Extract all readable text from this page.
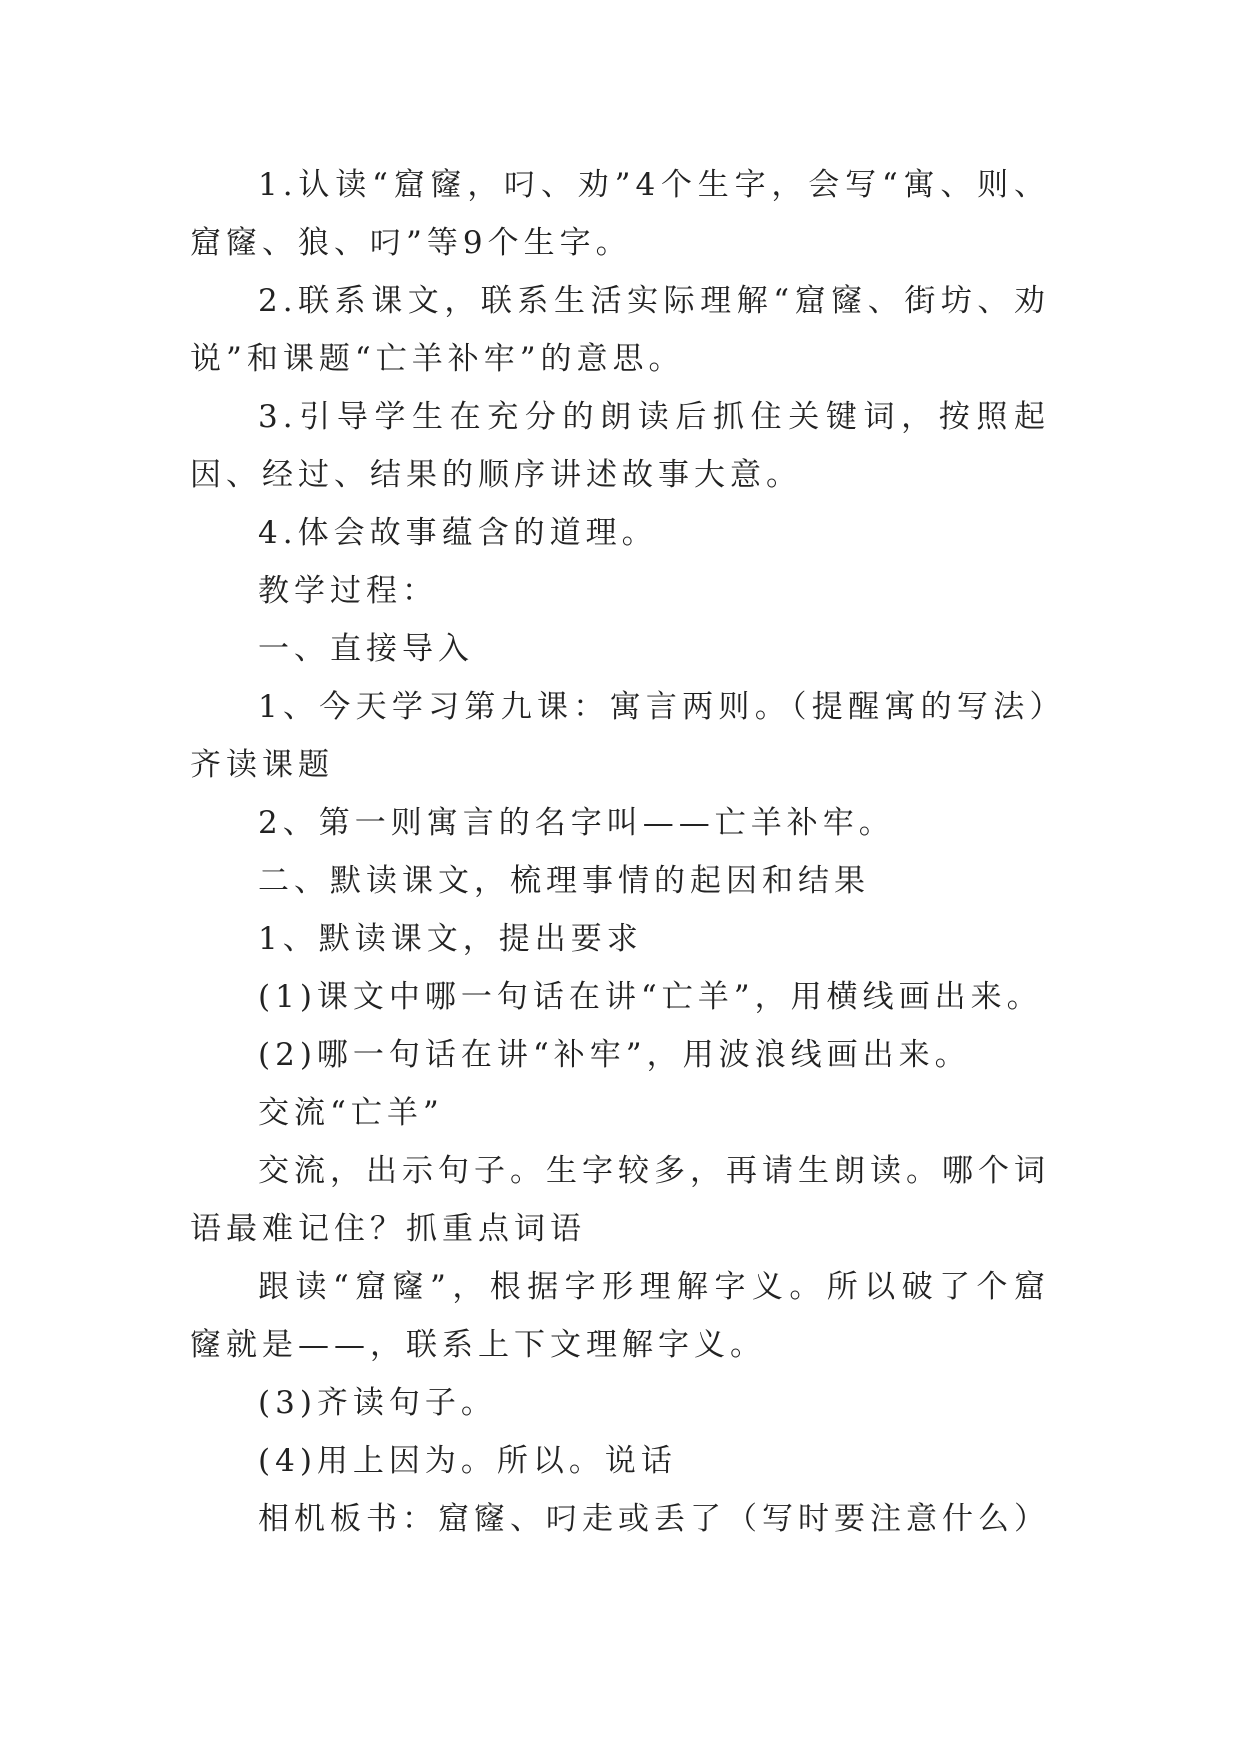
1.认读“窟窿，叼、劝”4个生字，会写“寓、则、窟窿、狼、叼”等9个生字。

2.联系课文，联系生活实际理解“窟窿、街坊、劝说”和课题“亡羊补牢”的意思。

3.引导学生在充分的朗读后抓住关键词，按照起因、经过、结果的顺序讲述故事大意。

4.体会故事蕴含的道理。

教学过程：

一、直接导入

1、今天学习第九课：寓言两则。（提醒寓的写法）齐读课题

2、第一则寓言的名字叫——亡羊补牢。

二、默读课文，梳理事情的起因和结果

1、默读课文，提出要求

(1)课文中哪一句话在讲“亡羊”，用横线画出来。

(2)哪一句话在讲“补牢”，用波浪线画出来。

交流“亡羊”

交流，出示句子。生字较多，再请生朗读。哪个词语最难记住？抓重点词语

跟读“窟窿”，根据字形理解字义。所以破了个窟窿就是——，联系上下文理解字义。

(3)齐读句子。

(4)用上因为。所以。说话

相机板书：窟窿、叼走或丢了（写时要注意什么）
